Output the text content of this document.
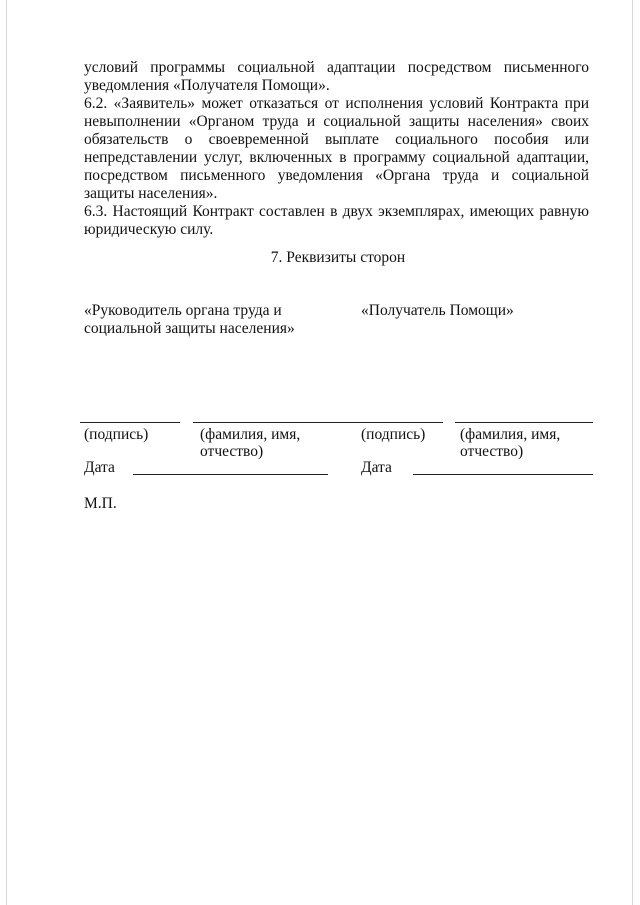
условий программы социальной адаптации посредством письменного уведомления «Получателя Помощи».

6.2. «Заявитель» может отказаться от исполнения условий Контракта при невыполнении «Органом труда и социальной защиты населения» своих обязательств о своевременной выплате социального пособия или непредставлении услуг, включенных в программу социальной адаптации, посредством письменного уведомления «Органа труда и социальной защиты населения».

6.3. Настоящий Контракт составлен в двух экземплярах, имеющих равную юридическую силу.

7. Реквизиты сторон
«Руководитель органа труда и
социальной защиты населения»
«Получатель Помощи»
(подпись)	(фамилия, имя,
отчество)
(подпись) (фамилия, имя,
отчество)
Дата	Дата
М.П.
